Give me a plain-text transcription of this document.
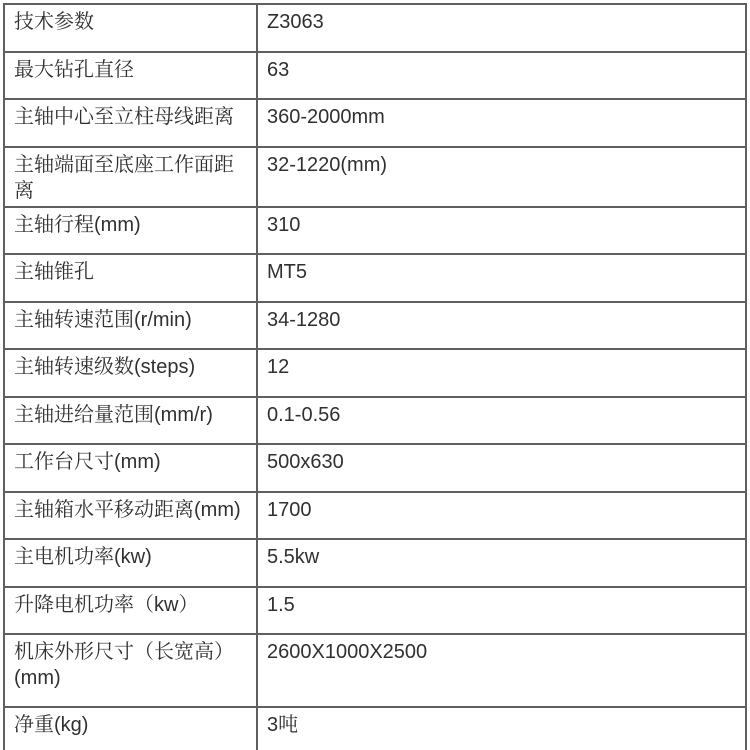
技术参数	Z3063
最大钻孔直径	63
主轴中心至立柱母线距离	360-2000mm
主轴端面至底座工作面距离	32-1220(mm)
主轴行程(mm)	310
主轴锥孔	MT5
主轴转速范围(r/min)	34-1280
主轴转速级数(steps)	12
主轴进给量范围(mm/r)	0.1-0.56
工作台尺寸(mm)	500x630
主轴箱水平移动距离(mm)	1700
主电机功率(kw)	5.5kw
升降电机功率（kw）	1.5
机床外形尺寸（长宽高）(mm)	2600X1000X2500
净重(kg)	3吨
